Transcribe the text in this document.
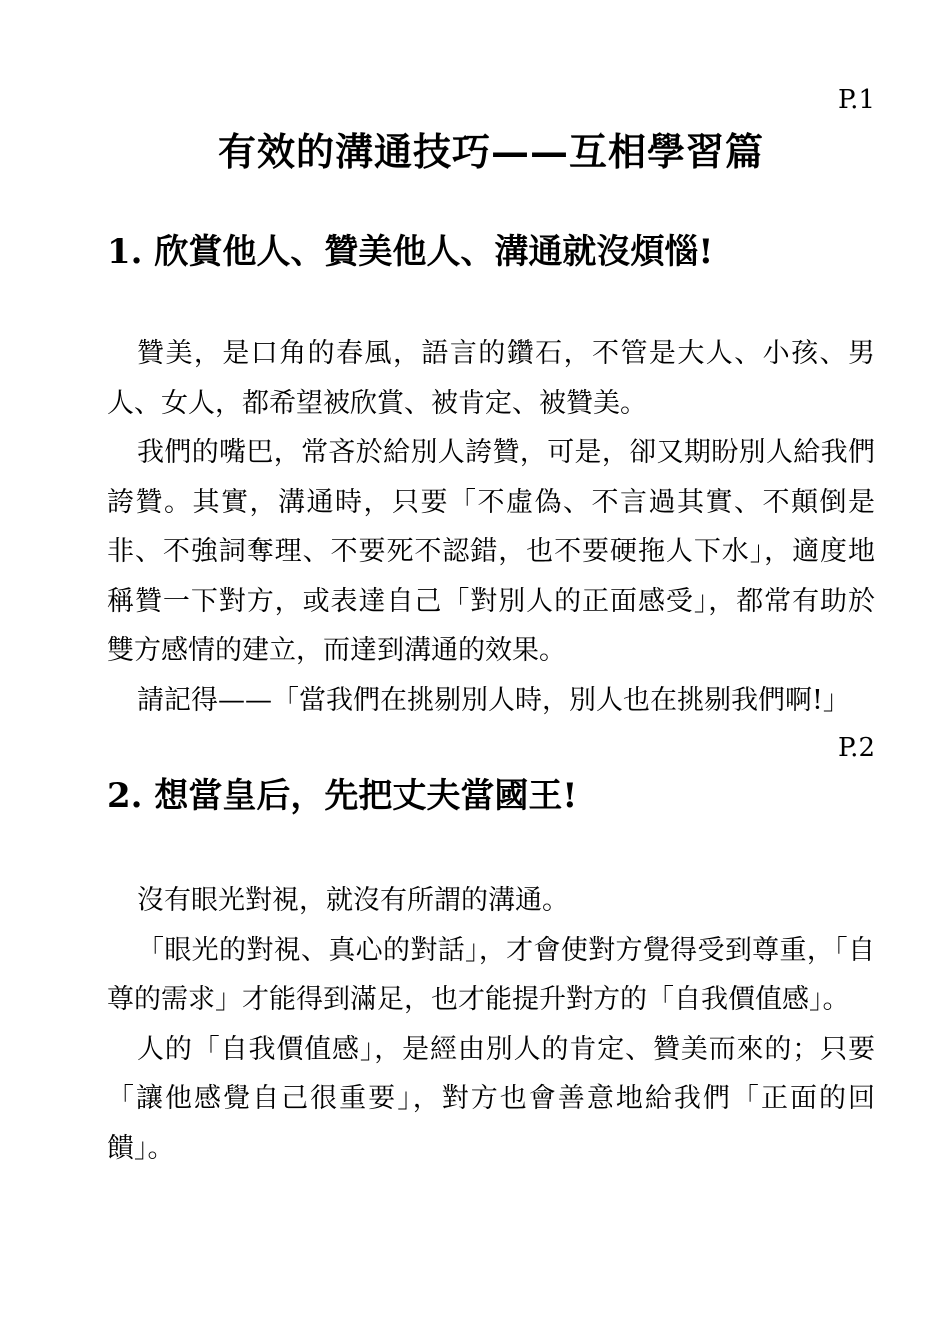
P.1

有效的溝通技巧——互相學習篇
1. 欣賞他人、贊美他人、溝通就沒煩惱!

贊美，是口角的春風，語言的鑽石，不管是大人、小孩、男人、女人，都希望被欣賞、被肯定、被贊美。

我們的嘴巴，常吝於給別人誇贊，可是，卻又期盼別人給我們誇贊。其實，溝通時，只要「不虛偽、不言過其實、不顛倒是非、不強詞奪理、不要死不認錯，也不要硬拖人下水」，適度地稱贊一下對方，或表達自己「對別人的正面感受」，都常有助於雙方感情的建立，而達到溝通的效果。

請記得——「當我們在挑剔別人時，別人也在挑剔我們啊!」

P.2

2. 想當皇后，先把丈夫當國王!

沒有眼光對視，就沒有所謂的溝通。

「眼光的對視、真心的對話」，才會使對方覺得受到尊重，「自尊的需求」才能得到滿足，也才能提升對方的「自我價值感」。

人的「自我價值感」，是經由別人的肯定、贊美而來的；只要「讓他感覺自己很重要」，對方也會善意地給我們「正面的回饋」。
